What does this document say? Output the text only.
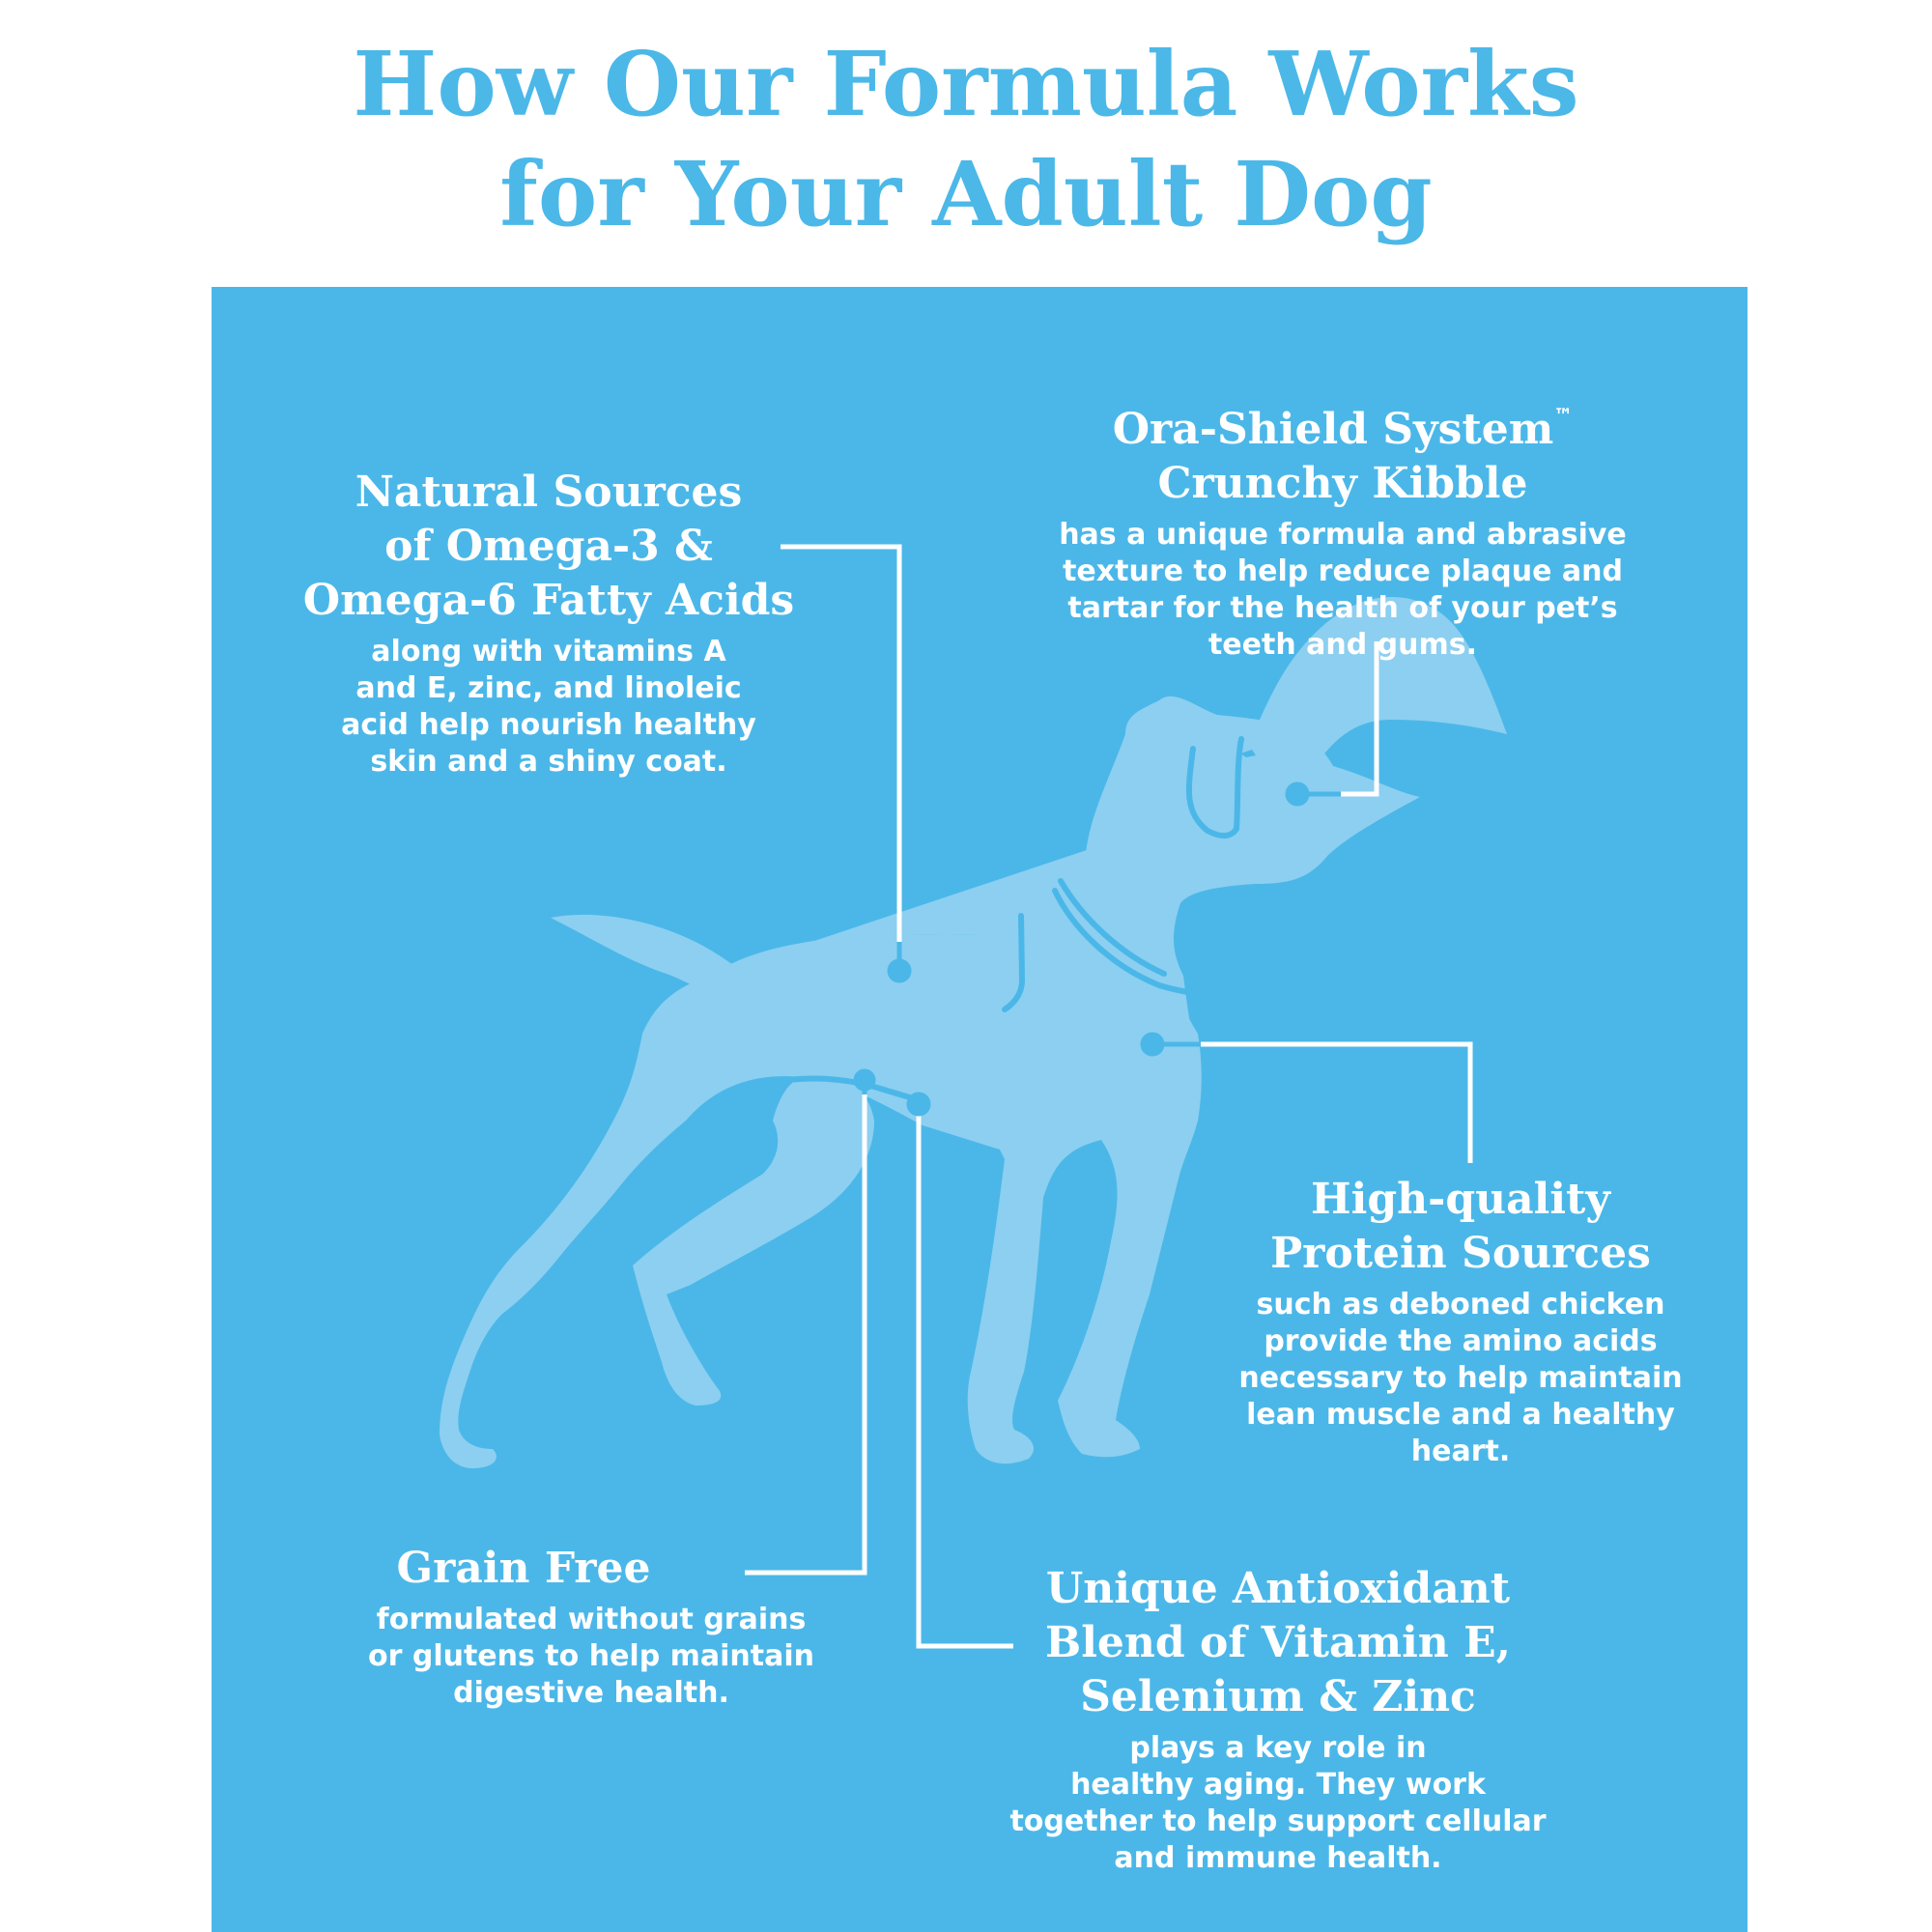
How Our Formula Works
for Your Adult Dog
Natural Sources
of Omega-3 &
Omega-6 Fatty Acids
along with vitamins A
and E, zinc, and linoleic
acid help nourish healthy
skin and a shiny coat.
Ora-Shield System™
Crunchy Kibble
has a unique formula and abrasive
texture to help reduce plaque and
tartar for the health of your pet’s
teeth and gums.
High-quality
Protein Sources
such as deboned chicken
provide the amino acids
necessary to help maintain
lean muscle and a healthy
heart.
Grain Free
formulated without grains
or glutens to help maintain
digestive health.
Unique Antioxidant
Blend of Vitamin E,
Selenium & Zinc
plays a key role in
healthy aging. They work
together to help support cellular
and immune health.
